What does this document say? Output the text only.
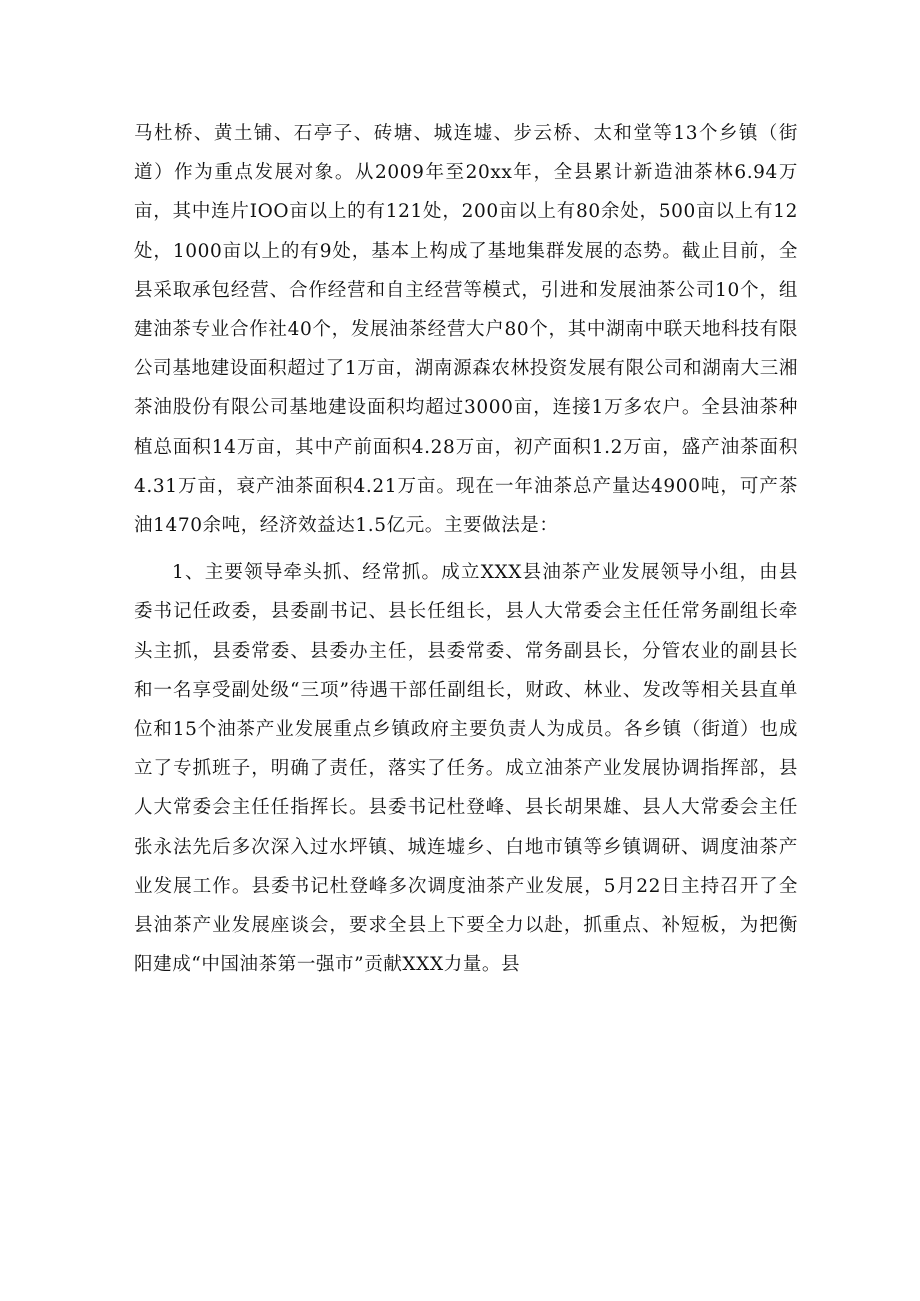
马杜桥、黄土铺、石亭子、砖塘、城连墟、步云桥、太和堂等13个乡镇（街道）作为重点发展对象。从2009年至20xx年，全县累计新造油茶林6.94万亩，其中连片IOO亩以上的有121处，200亩以上有80余处，500亩以上有12处，1000亩以上的有9处，基本上构成了基地集群发展的态势。截止目前，全县采取承包经营、合作经营和自主经营等模式，引进和发展油茶公司10个，组建油茶专业合作社40个，发展油茶经营大户80个，其中湖南中联天地科技有限公司基地建设面积超过了1万亩，湖南源森农林投资发展有限公司和湖南大三湘茶油股份有限公司基地建设面积均超过3000亩，连接1万多农户。全县油茶种植总面积14万亩，其中产前面积4.28万亩，初产面积1.2万亩，盛产油茶面积4.31万亩，衰产油茶面积4.21万亩。现在一年油茶总产量达4900吨，可产茶油1470余吨，经济效益达1.5亿元。主要做法是：

1、主要领导牵头抓、经常抓。成立XXX县油茶产业发展领导小组，由县委书记任政委，县委副书记、县长任组长，县人大常委会主任任常务副组长牵头主抓，县委常委、县委办主任，县委常委、常务副县长，分管农业的副县长和一名享受副处级“三项”待遇干部任副组长，财政、林业、发改等相关县直单位和15个油茶产业发展重点乡镇政府主要负责人为成员。各乡镇（街道）也成立了专抓班子，明确了责任，落实了任务。成立油茶产业发展协调指挥部，县人大常委会主任任指挥长。县委书记杜登峰、县长胡果雄、县人大常委会主任张永法先后多次深入过水坪镇、城连墟乡、白地市镇等乡镇调研、调度油茶产业发展工作。县委书记杜登峰多次调度油茶产业发展，5月22日主持召开了全县油茶产业发展座谈会，要求全县上下要全力以赴，抓重点、补短板，为把衡阳建成“中国油茶第一强市”贡献XXX力量。县
